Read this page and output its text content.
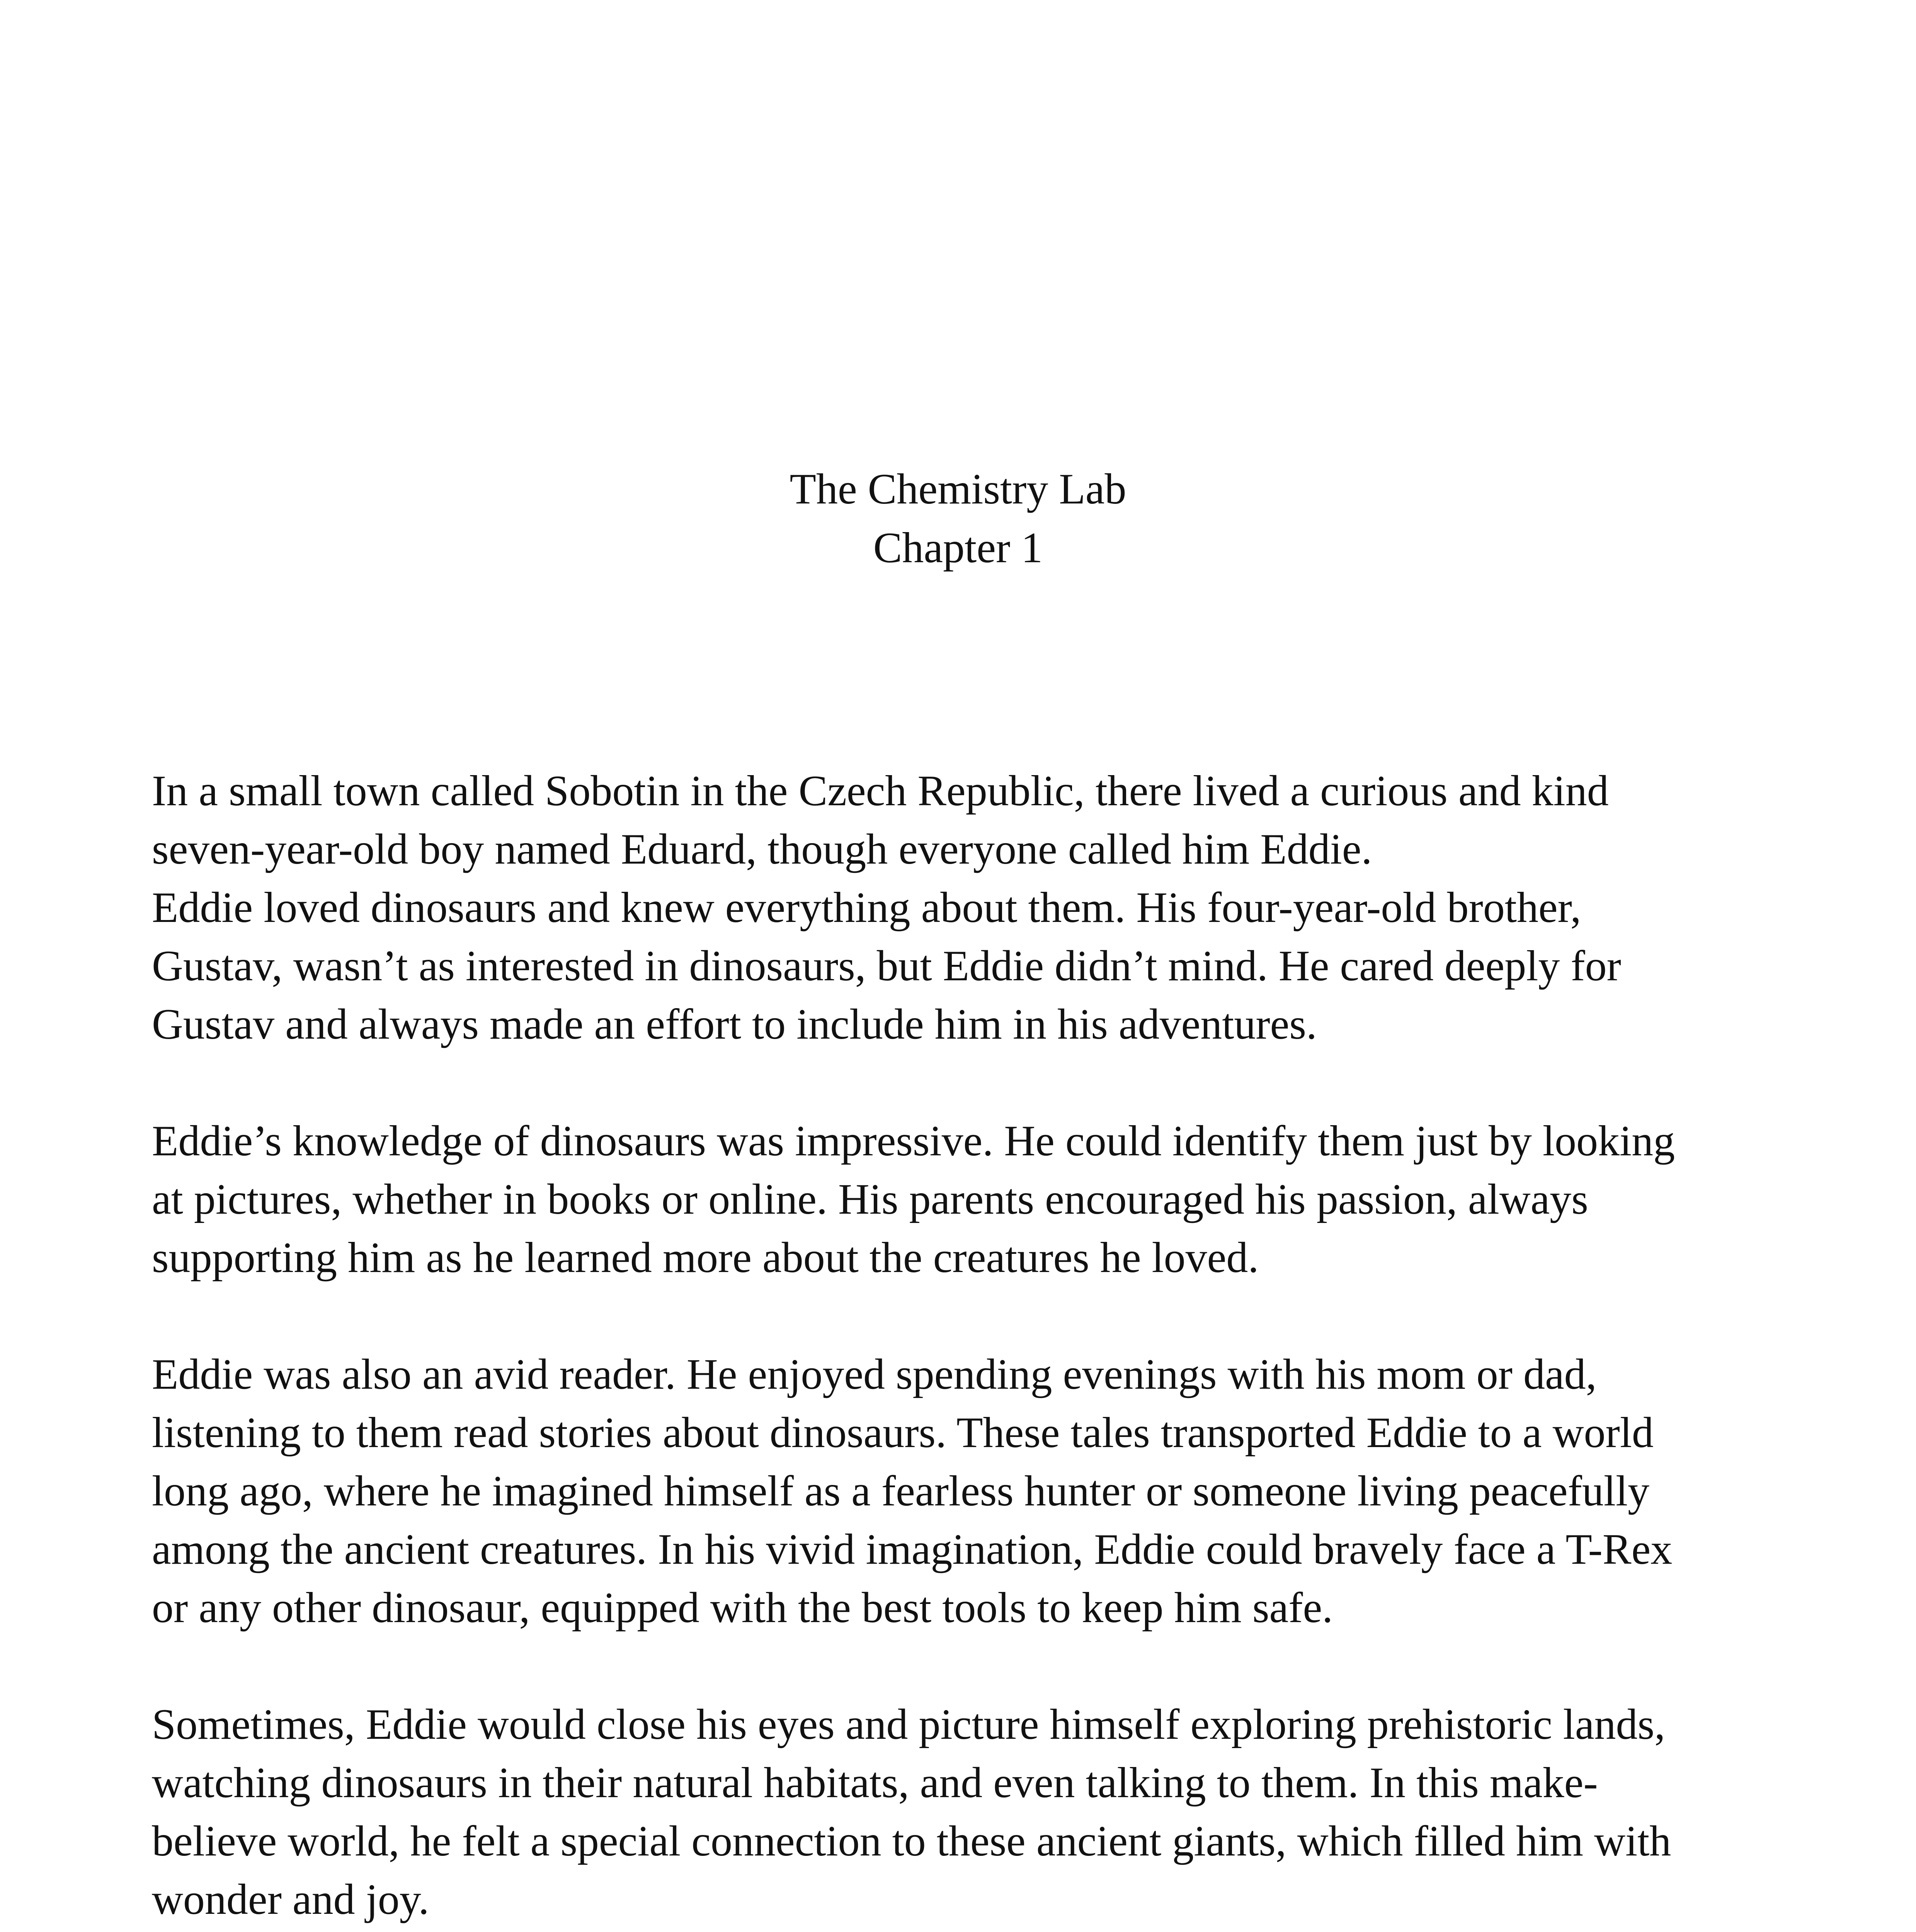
The Chemistry Lab
Chapter 1
In a small town called Sobotin in the Czech Republic, there lived a curious and kind
seven-year-old boy named Eduard, though everyone called him Eddie.
Eddie loved dinosaurs and knew everything about them. His four-year-old brother,
Gustav, wasn’t as interested in dinosaurs, but Eddie didn’t mind. He cared deeply for
Gustav and always made an effort to include him in his adventures.
Eddie’s knowledge of dinosaurs was impressive. He could identify them just by looking
at pictures, whether in books or online. His parents encouraged his passion, always
supporting him as he learned more about the creatures he loved.
Eddie was also an avid reader. He enjoyed spending evenings with his mom or dad,
listening to them read stories about dinosaurs. These tales transported Eddie to a world
long ago, where he imagined himself as a fearless hunter or someone living peacefully
among the ancient creatures. In his vivid imagination, Eddie could bravely face a T-Rex
or any other dinosaur, equipped with the best tools to keep him safe.
Sometimes, Eddie would close his eyes and picture himself exploring prehistoric lands,
watching dinosaurs in their natural habitats, and even talking to them. In this make-
believe world, he felt a special connection to these ancient giants, which filled him with
wonder and joy.
